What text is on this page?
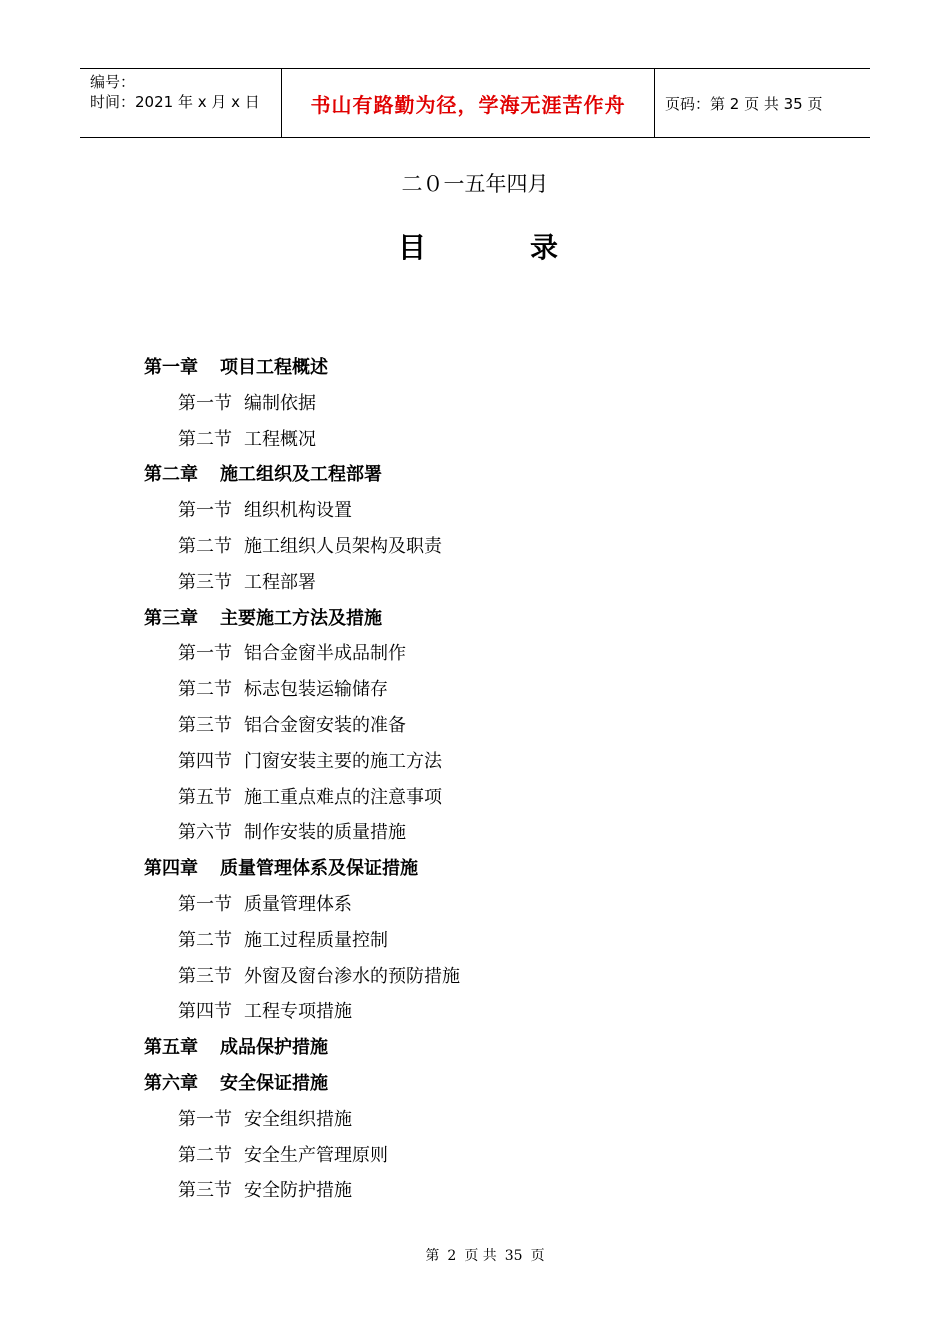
编号：
时间：2021 年 x 月 x 日	书山有路勤为径，学海无涯苦作舟	页码：第 2 页 共 35 页
二０一五年四月
目	录
第一章 项目工程概述
第一节 编制依据
第二节 工程概况
第二章 施工组织及工程部署
第一节 组织机构设置
第二节 施工组织人员架构及职责
第三节 工程部署
第三章 主要施工方法及措施
第一节 铝合金窗半成品制作
第二节 标志包装运输储存
第三节 铝合金窗安装的准备
第四节 门窗安装主要的施工方法
第五节 施工重点难点的注意事项
第六节 制作安装的质量措施
第四章 质量管理体系及保证措施
第一节 质量管理体系
第二节 施工过程质量控制
第三节 外窗及窗台渗水的预防措施
第四节 工程专项措施
第五章 成品保护措施
第六章 安全保证措施
第一节 安全组织措施
第二节 安全生产管理原则
第三节 安全防护措施
第 2 页 共 35 页
